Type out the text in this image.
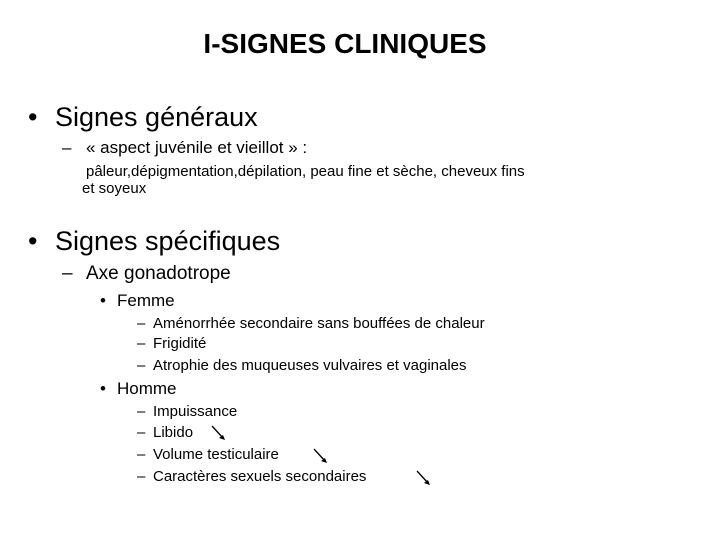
I-SIGNES CLINIQUES
• Signes généraux
– « aspect juvénile et vieillot » :
pâleur,dépigmentation,dépilation, peau fine et sèche, cheveux fins
et soyeux
• Signes spécifiques
– Axe gonadotrope
• Femme
– Aménorrhée secondaire sans bouffées de chaleur
– Frigidité
– Atrophie des muqueuses vulvaires et vaginales
• Homme
– Impuissance
– Libido
– Volume testiculaire
– Caractères sexuels secondaires
